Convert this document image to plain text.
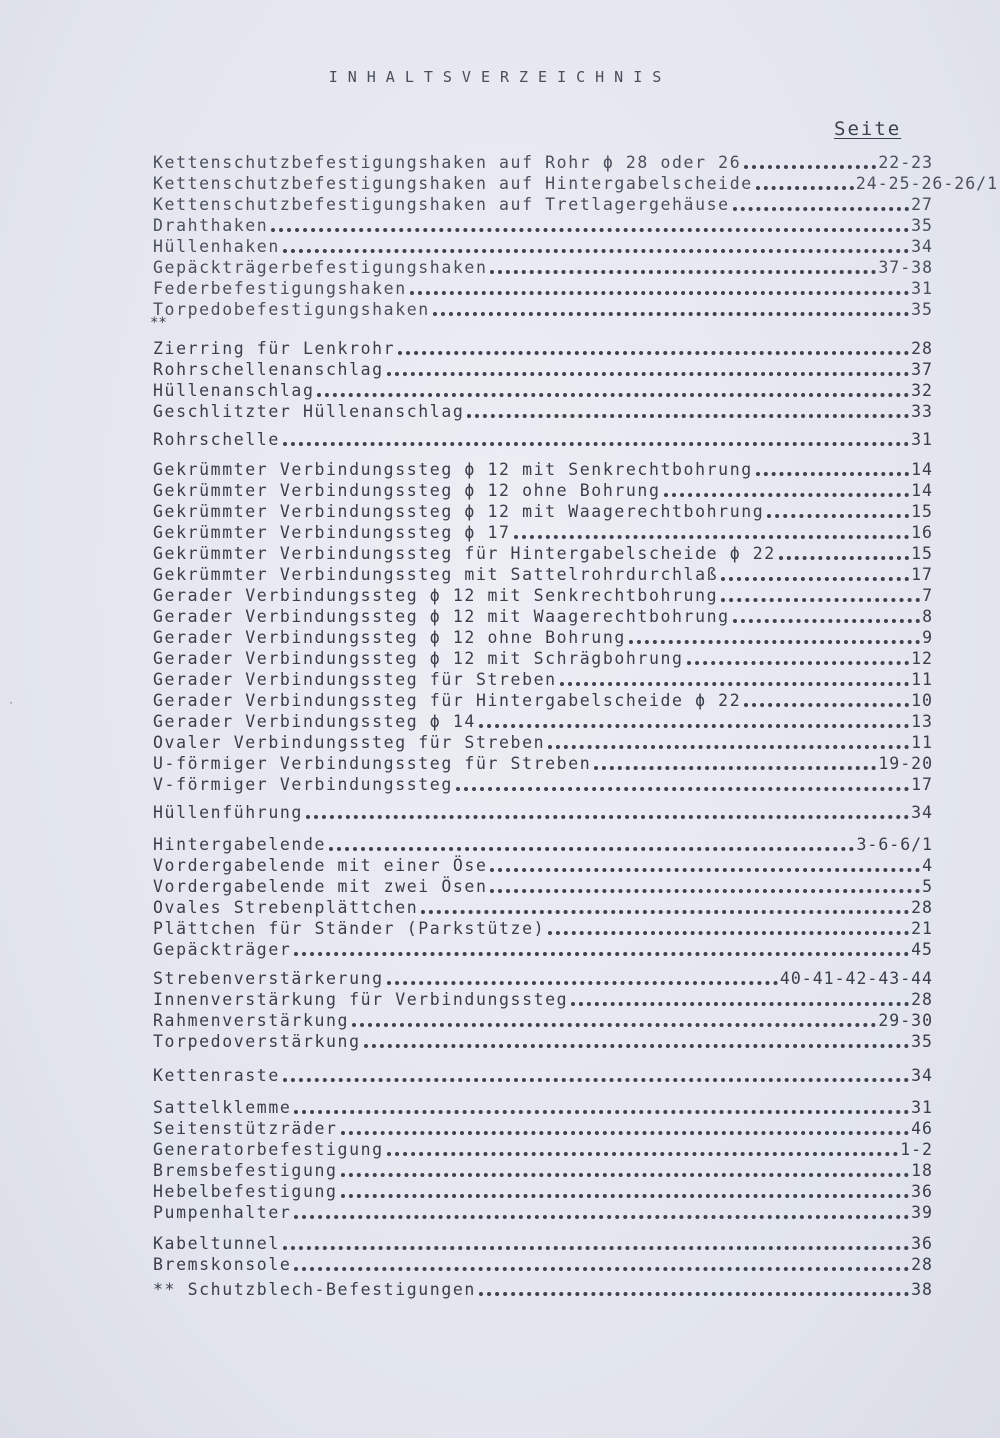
INHALTSVERZEICHNIS
Seite
**
·
Kettenschutzbefestigungshaken auf Rohr ϕ 28 oder 26	22-23
Kettenschutzbefestigungshaken auf Hintergabelscheide	24-25-26-26/1
Kettenschutzbefestigungshaken auf Tretlagergehäuse	27
Drahthaken	35
Hüllenhaken	34
Gepäckträgerbefestigungshaken	37-38
Federbefestigungshaken	31
Torpedobefestigungshaken	35
Zierring für Lenkrohr	28
Rohrschellenanschlag	37
Hüllenanschlag	32
Geschlitzter Hüllenanschlag	33
Rohrschelle	31
Gekrümmter Verbindungssteg ϕ 12 mit Senkrechtbohrung	14
Gekrümmter Verbindungssteg ϕ 12 ohne Bohrung	14
Gekrümmter Verbindungssteg ϕ 12 mit Waagerechtbohrung	15
Gekrümmter Verbindungssteg ϕ 17	16
Gekrümmter Verbindungssteg für Hintergabelscheide ϕ 22	15
Gekrümmter Verbindungssteg mit Sattelrohrdurchlaß	17
Gerader Verbindungssteg ϕ 12 mit Senkrechtbohrung	7
Gerader Verbindungssteg ϕ 12 mit Waagerechtbohrung	8
Gerader Verbindungssteg ϕ 12 ohne Bohrung	9
Gerader Verbindungssteg ϕ 12 mit Schrägbohrung	12
Gerader Verbindungssteg für Streben	11
Gerader Verbindungssteg für Hintergabelscheide ϕ 22	10
Gerader Verbindungssteg ϕ 14	13
Ovaler Verbindungssteg für Streben	11
U-förmiger Verbindungssteg für Streben	19-20
V-förmiger Verbindungssteg	17
Hüllenführung	34
Hintergabelende	3-6-6/1
Vordergabelende mit einer Öse	4
Vordergabelende mit zwei Ösen	5
Ovales Strebenplättchen	28
Plättchen für Ständer (Parkstütze)	21
Gepäckträger	45
Strebenverstärkerung	40-41-42-43-44
Innenverstärkung für Verbindungssteg	28
Rahmenverstärkung	29-30
Torpedoverstärkung	35
Kettenraste	34
Sattelklemme	31
Seitenstützräder	46
Generatorbefestigung	1-2
Bremsbefestigung	18
Hebelbefestigung	36
Pumpenhalter	39
Kabeltunnel	36
Bremskonsole	28
** Schutzblech-Befestigungen	38
